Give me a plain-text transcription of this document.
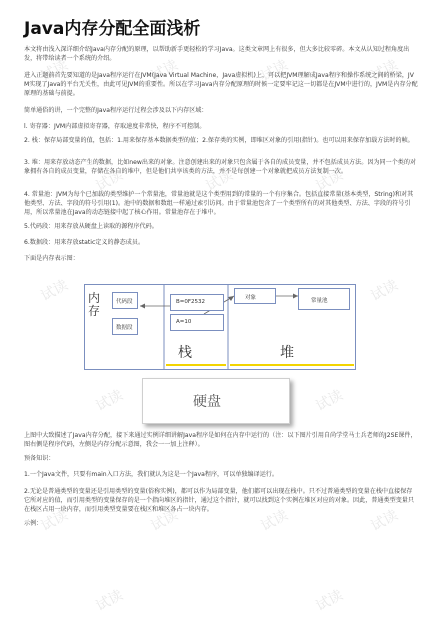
试读	试读	试读	试读
试读	试读	试读
试读	试读
试读	试读
试读	试读	试读	试读
试读	试读
Java内存分配全面浅析

本文将由浅入深详细介绍Java内存分配的原理，以帮助新手更轻松的学习Java。这类文章网上有很多，但大多比较零碎。本文从认知过程角度出发，将带给读者一个系统的介绍。

进入正题前首先要知道的是Java程序运行在JVM(Java Virtual Machine，Java虚拟机)上，可以把JVM理解成Java程序和操作系统之间的桥梁，JVM实现了Java的平台无关性，由此可见JVM的重要性。所以在学习Java内存分配原理的时候一定要牢记这一切都是在JVM中进行的，JVM是内存分配原理的基础与前提。

简单通俗的讲，一个完整的Java程序运行过程会涉及以下内存区域：

l. 寄存器：JVM内部虚拟寄存器，存取速度非常快，程序不可控制。

2. 栈：保存局部变量的值，包括：1.用来保存基本数据类型的值；2.保存类的实例，即堆区对象的引用(指针)。也可以用来保存加载方法时的帧。

3. 堆：用来存放动态产生的数据，比如new出来的对象。注意创建出来的对象只包含属于各自的成员变量，并不包括成员方法。因为同一个类的对象拥有各自的成员变量，存储在各自的堆中，但是他们共享该类的方法，并不是每创建一个对象就把成员方法复制一次。

4. 常量池：JVM为每个已加载的类型维护一个常量池，常量池就是这个类型用到的常量的一个有序集合。包括直接常量(基本类型，String)和对其他类型、方法、字段的符号引用(1)。池中的数据和数组一样通过索引访问。由于常量池包含了一个类型所有的对其他类型、方法、字段的符号引用，所以常量池在Java的动态链接中起了核心作用。常量池存在于堆中。

5.代码段：用来存放从硬盘上读取的源程序代码。

6.数据段：用来存放static定义的静态成员。

下面是内存表示图：

内
存
代码段
数据段
B=0F2532
A=10
栈
对象	常量池
堆
硬盘

上图中大致描述了Java内存分配，接下来通过实例详细讲解Java程序是如何在内存中运行的（注：以下图片引用自尚学堂马士兵老师的J2SE课件，图右侧是程序代码，左侧是内存分配示意图，我会一一加上注释）。

预备知识：

1.一个Java文件，只要有main入口方法，我们就认为这是一个Java程序，可以单独编译运行。

2.无论是普通类型的变量还是引用类型的变量(俗称实例)，都可以作为局部变量，他们都可以出现在栈中。只不过普通类型的变量在栈中直接保存它所对应的值，而引用类型的变量保存的是一个指向堆区的指针，通过这个指针，就可以找到这个实例在堆区对应的对象。因此，普通类型变量只在栈区占用一块内存，而引用类型变量要在栈区和堆区各占一块内存。

示例：
